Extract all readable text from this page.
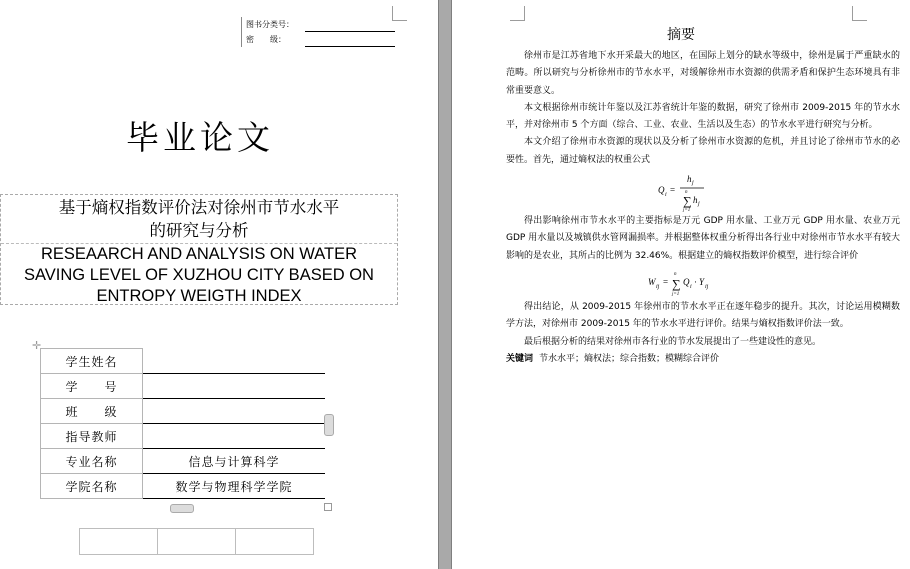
图书分类号：
密　　级：
毕业论文
基于熵权指数评价法对徐州市节水水平
的研究与分析
RESEAARCH AND ANALYSIS ON WATER
SAVING LEVEL OF XUZHOU CITY BASED ON
ENTROPY WEIGTH INDEX
✛
学生姓名	
学　　号	
班　　级	
指导教师	
专业名称	信息与计算科学
学院名称	数学与物理科学学院

摘要

徐州市是江苏省地下水开采最大的地区，在国际上划分的缺水等级中，徐州是属于严重缺水的范畴。所以研究与分析徐州市的节水水平，对缓解徐州市水资源的供需矛盾和保护生态环境具有非常重要意义。

本文根据徐州市统计年鉴以及江苏省统计年鉴的数据，研究了徐州市 2009-2015 年的节水水平，并对徐州市 5 个方面（综合、工业、农业、生活以及生态）的节水水平进行研究与分析。

本文介绍了徐州市水资源的现状以及分析了徐州市水资源的危机，并且讨论了徐州市节水的必要性。首先，通过熵权法的权重公式

Q i =
h j
∑
n
j=1
h j

得出影响徐州市节水水平的主要指标是万元 GDP 用水量、工业万元 GDP 用水量、农业万元 GDP 用水量以及城镇供水管网漏损率。并根据整体权重分析得出各行业中对徐州市节水水平有较大影响的是农业，其所占的比例为 32.46%。根据建立的熵权指数评价模型，进行综合评价

W ij = ∑
n
j=1
Q i · Y ij

得出结论，从 2009-2015 年徐州市的节水水平正在逐年稳步的提升。其次，讨论运用模糊数学方法，对徐州市 2009-2015 年的节水水平进行评价。结果与熵权指数评价法一致。

最后根据分析的结果对徐州市各行业的节水发展提出了一些建设性的意见。

关键词 节水水平；熵权法；综合指数；模糊综合评价
